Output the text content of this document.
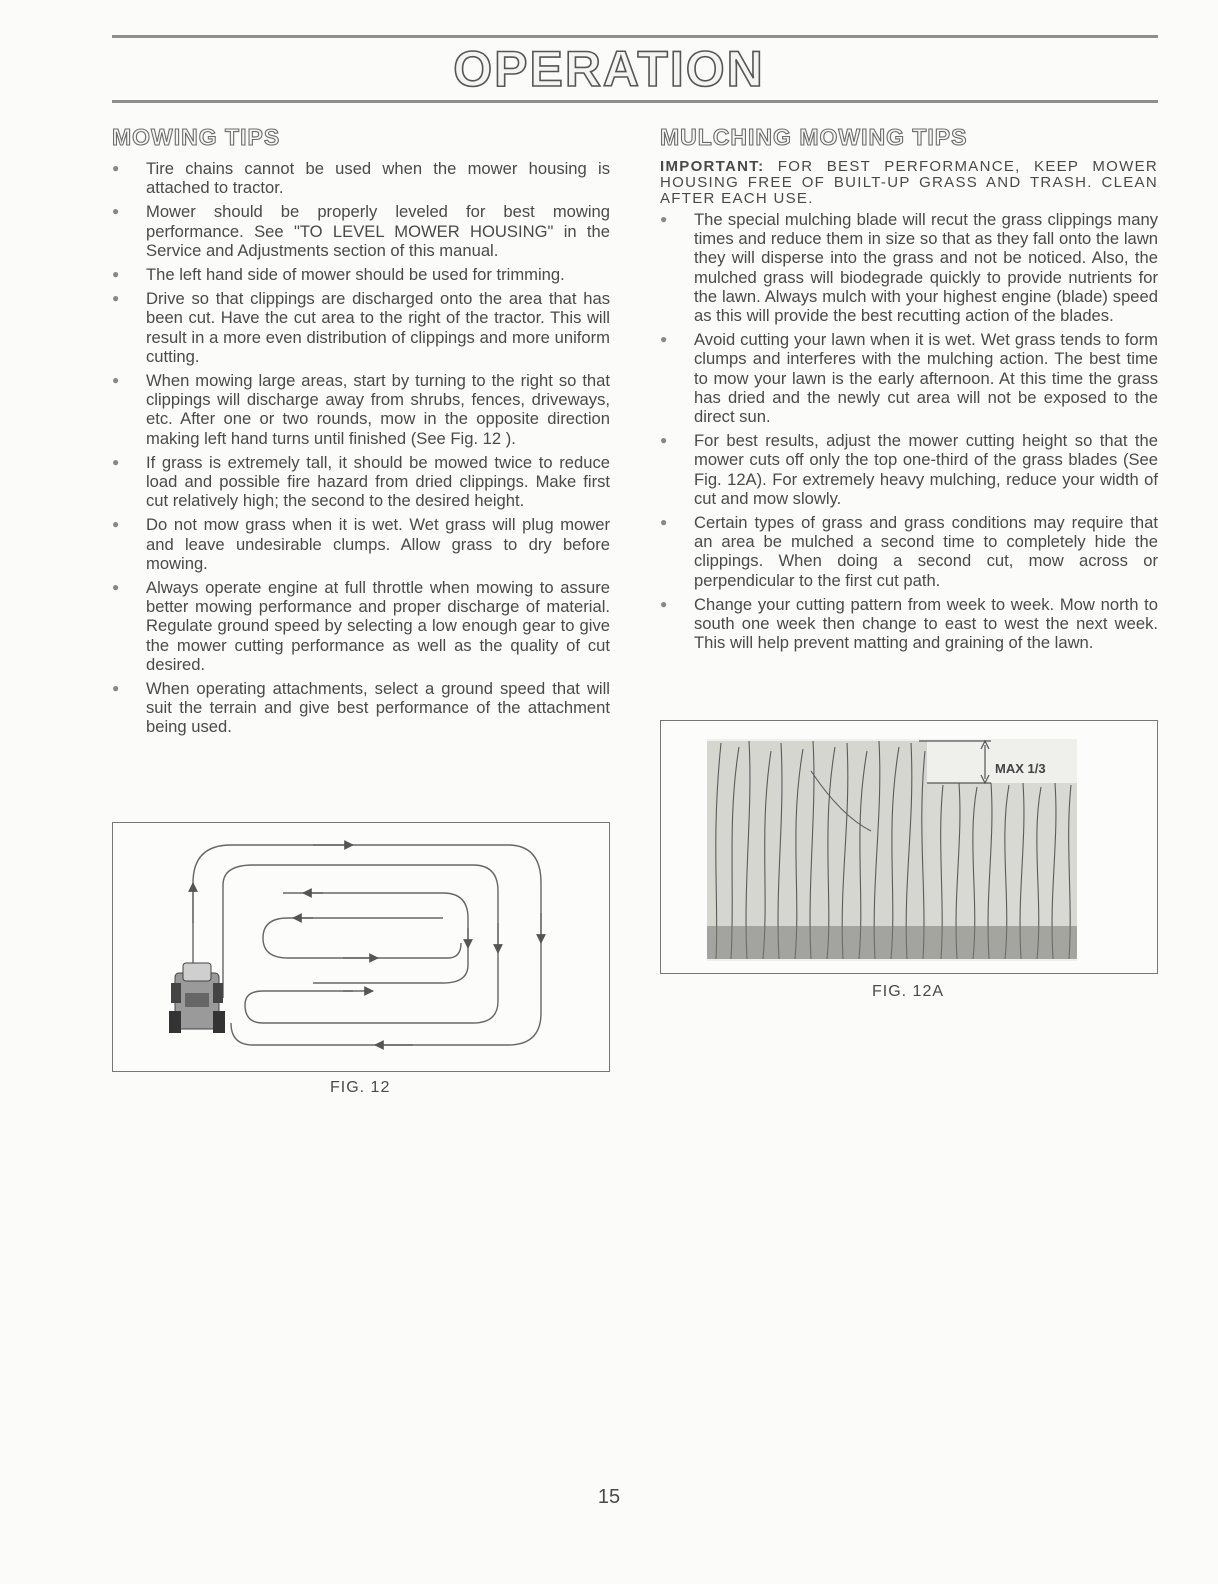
OPERATION
MOWING TIPS
● Tire chains cannot be used when the mower housing is attached to tractor.
● Mower should be properly leveled for best mowing performance. See "TO LEVEL MOWER HOUSING" in the Service and Adjustments section of this manual.
● The left hand side of mower should be used for trimming.
● Drive so that clippings are discharged onto the area that has been cut. Have the cut area to the right of the tractor. This will result in a more even distribution of clippings and more uniform cutting.
● When mowing large areas, start by turning to the right so that clippings will discharge away from shrubs, fences, driveways, etc. After one or two rounds, mow in the opposite direction making left hand turns until finished (See Fig. 12 ).
● If grass is extremely tall, it should be mowed twice to reduce load and possible fire hazard from dried clippings. Make first cut relatively high; the second to the desired height.
● Do not mow grass when it is wet. Wet grass will plug mower and leave undesirable clumps. Allow grass to dry before mowing.
● Always operate engine at full throttle when mowing to assure better mowing performance and proper discharge of material. Regulate ground speed by selecting a low enough gear to give the mower cutting performance as well as the quality of cut desired.
● When operating attachments, select a ground speed that will suit the terrain and give best performance of the attachment being used.
FIG. 12
MULCHING MOWING TIPS

IMPORTANT: FOR BEST PERFORMANCE, KEEP MOWER HOUSING FREE OF BUILT-UP GRASS AND TRASH. CLEAN AFTER EACH USE.

● The special mulching blade will recut the grass clippings many times and reduce them in size so that as they fall onto the lawn they will disperse into the grass and not be noticed. Also, the mulched grass will biodegrade quickly to provide nutrients for the lawn. Always mulch with your highest engine (blade) speed as this will provide the best recutting action of the blades.
● Avoid cutting your lawn when it is wet. Wet grass tends to form clumps and interferes with the mulching action. The best time to mow your lawn is the early afternoon. At this time the grass has dried and the newly cut area will not be exposed to the direct sun.
● For best results, adjust the mower cutting height so that the mower cuts off only the top one-third of the grass blades (See Fig. 12A). For extremely heavy mulching, reduce your width of cut and mow slowly.
● Certain types of grass and grass conditions may require that an area be mulched a second time to completely hide the clippings. When doing a second cut, mow across or perpendicular to the first cut path.
● Change your cutting pattern from week to week. Mow north to south one week then change to east to west the next week. This will help prevent matting and graining of the lawn.
MAX 1/3
FIG. 12A
15
